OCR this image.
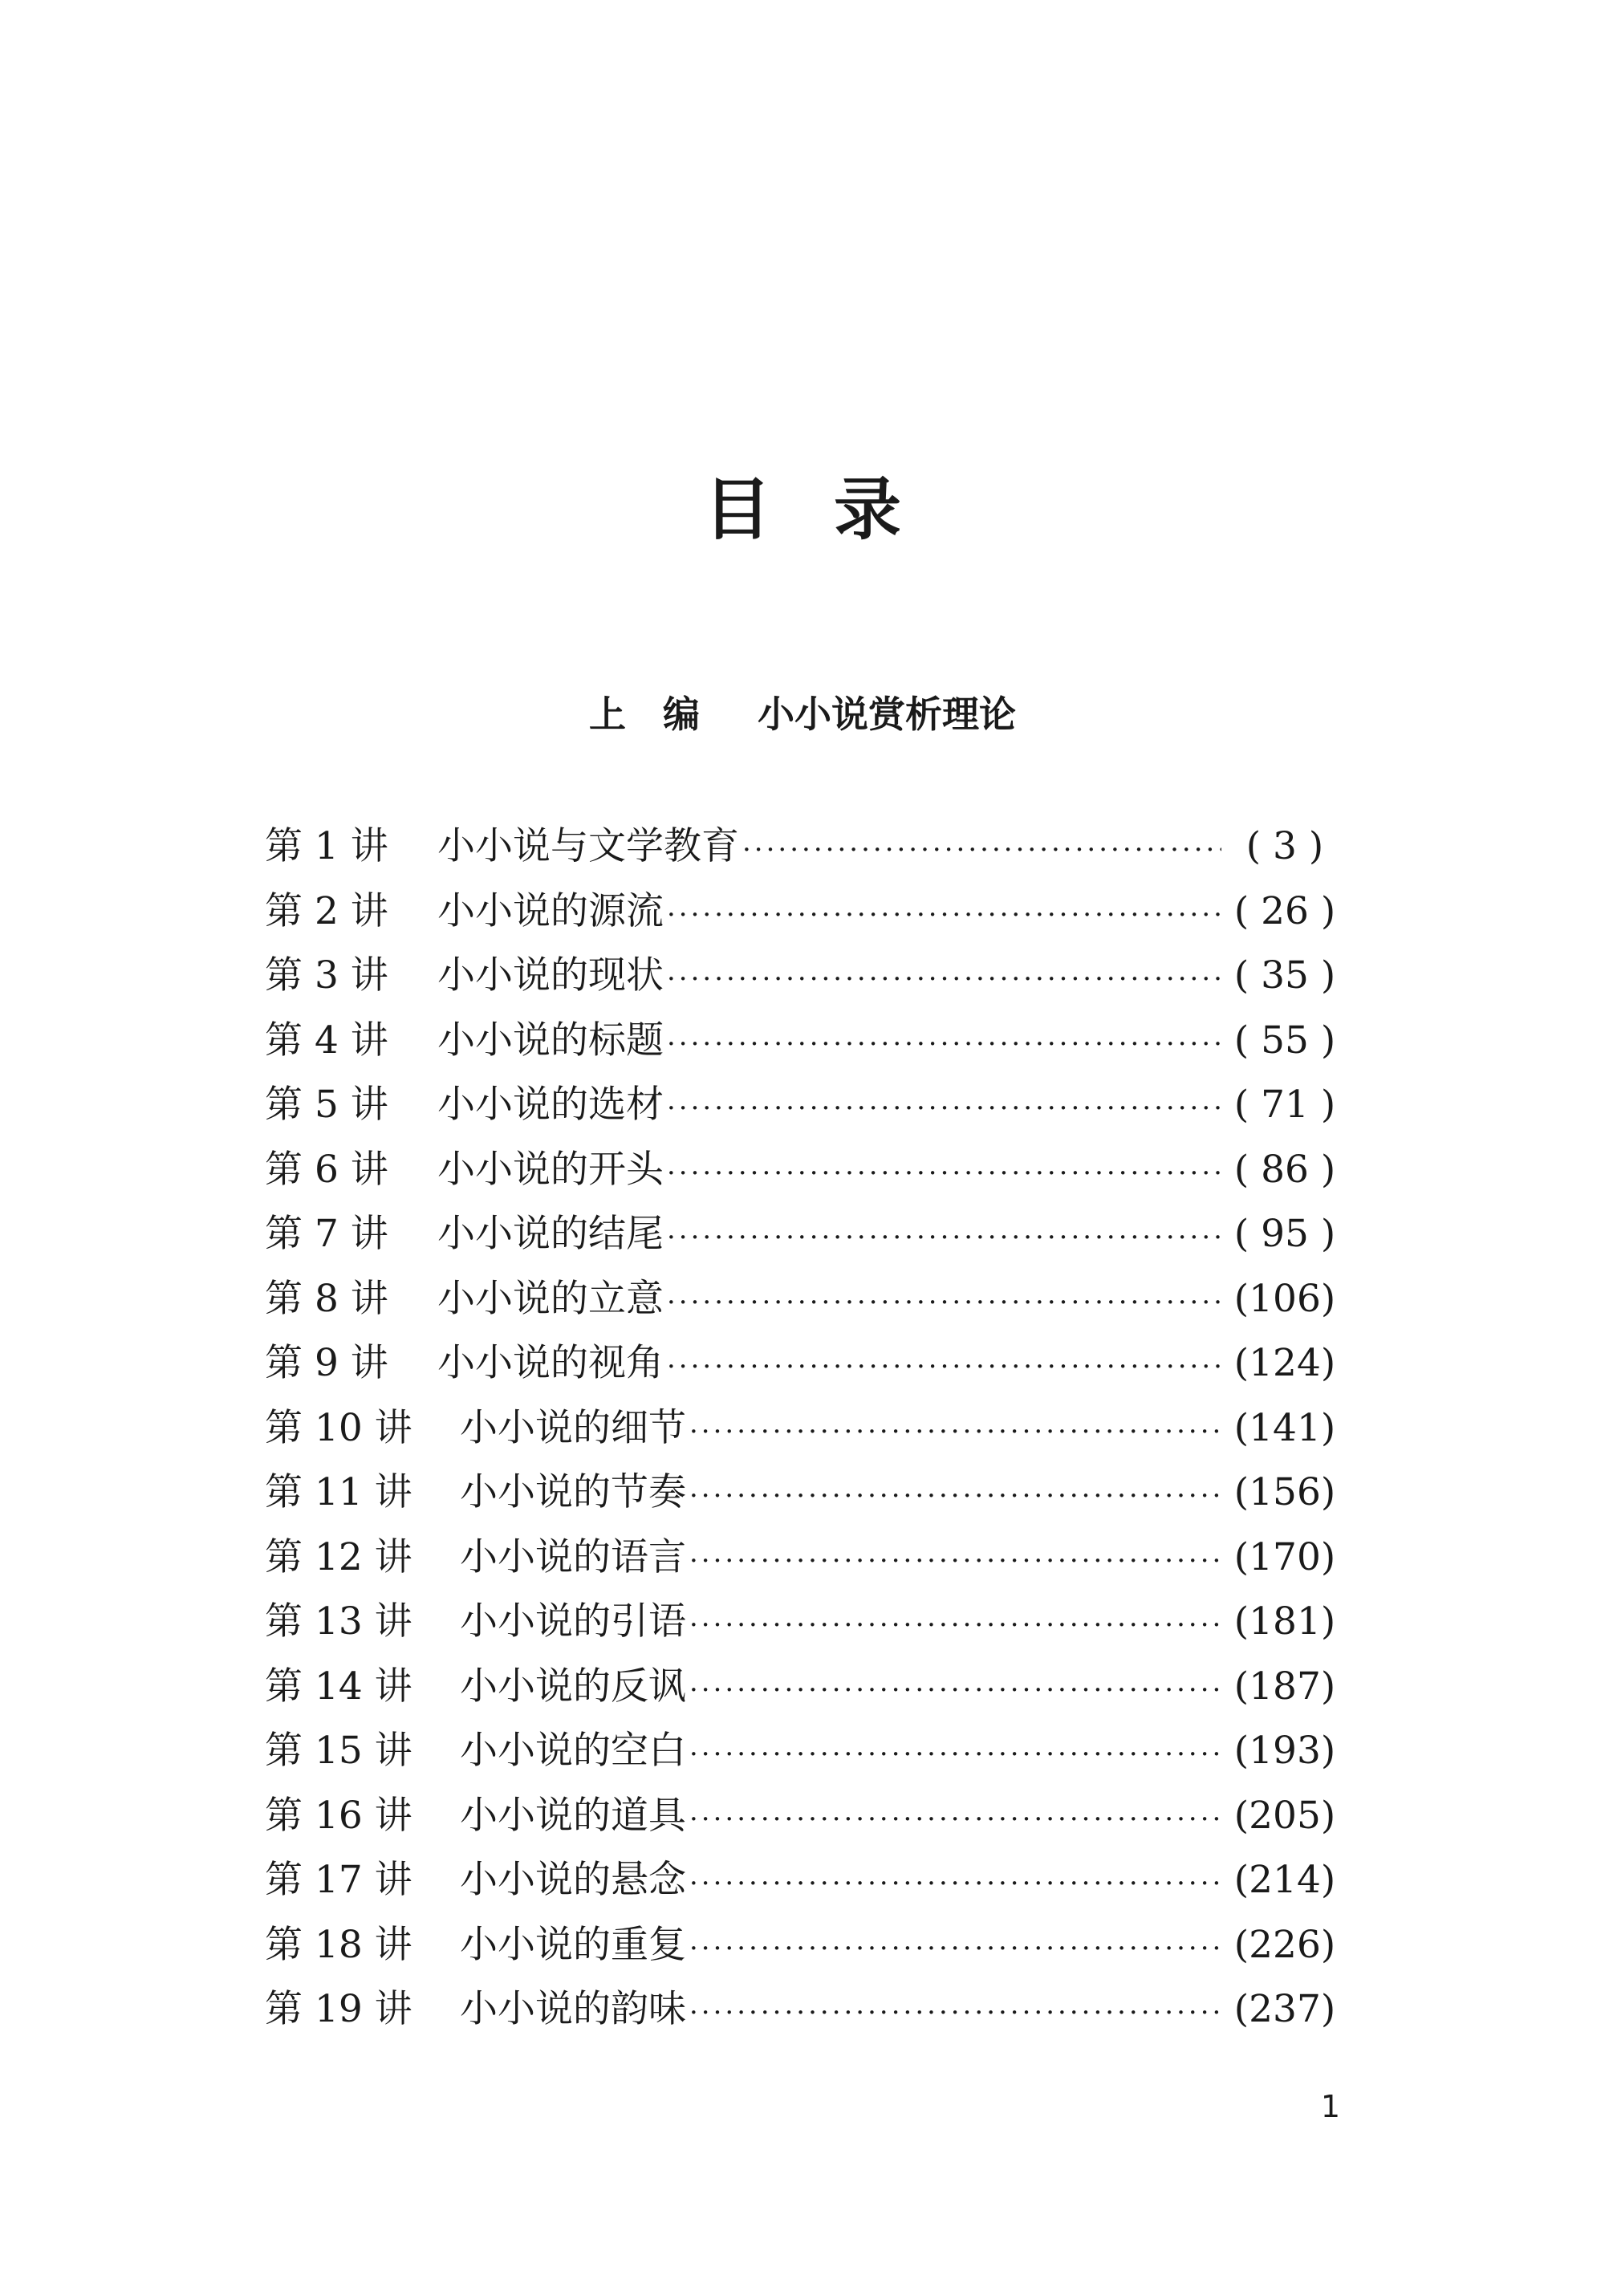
目录
上编 小小说赏析理论
第 1 讲	小小说与文学教育 ·····	( 3 )
第 2 讲	小小说的源流 ·····	( 26 )
第 3 讲	小小说的现状 ·····	( 35 )
第 4 讲	小小说的标题 ·····	( 55 )
第 5 讲	小小说的选材 ·····	( 71 )
第 6 讲	小小说的开头 ·····	( 86 )
第 7 讲	小小说的结尾 ·····	( 95 )
第 8 讲	小小说的立意 ·····	(106)
第 9 讲	小小说的视角 ·····	(124)
第 10 讲	小小说的细节 ·····	(141)
第 11 讲	小小说的节奏 ·····	(156)
第 12 讲	小小说的语言 ·····	(170)
第 13 讲	小小说的引语 ·····	(181)
第 14 讲	小小说的反讽 ·····	(187)
第 15 讲	小小说的空白 ·····	(193)
第 16 讲	小小说的道具 ·····	(205)
第 17 讲	小小说的悬念 ·····	(214)
第 18 讲	小小说的重复 ·····	(226)
第 19 讲	小小说的韵味 ·····	(237)
1
